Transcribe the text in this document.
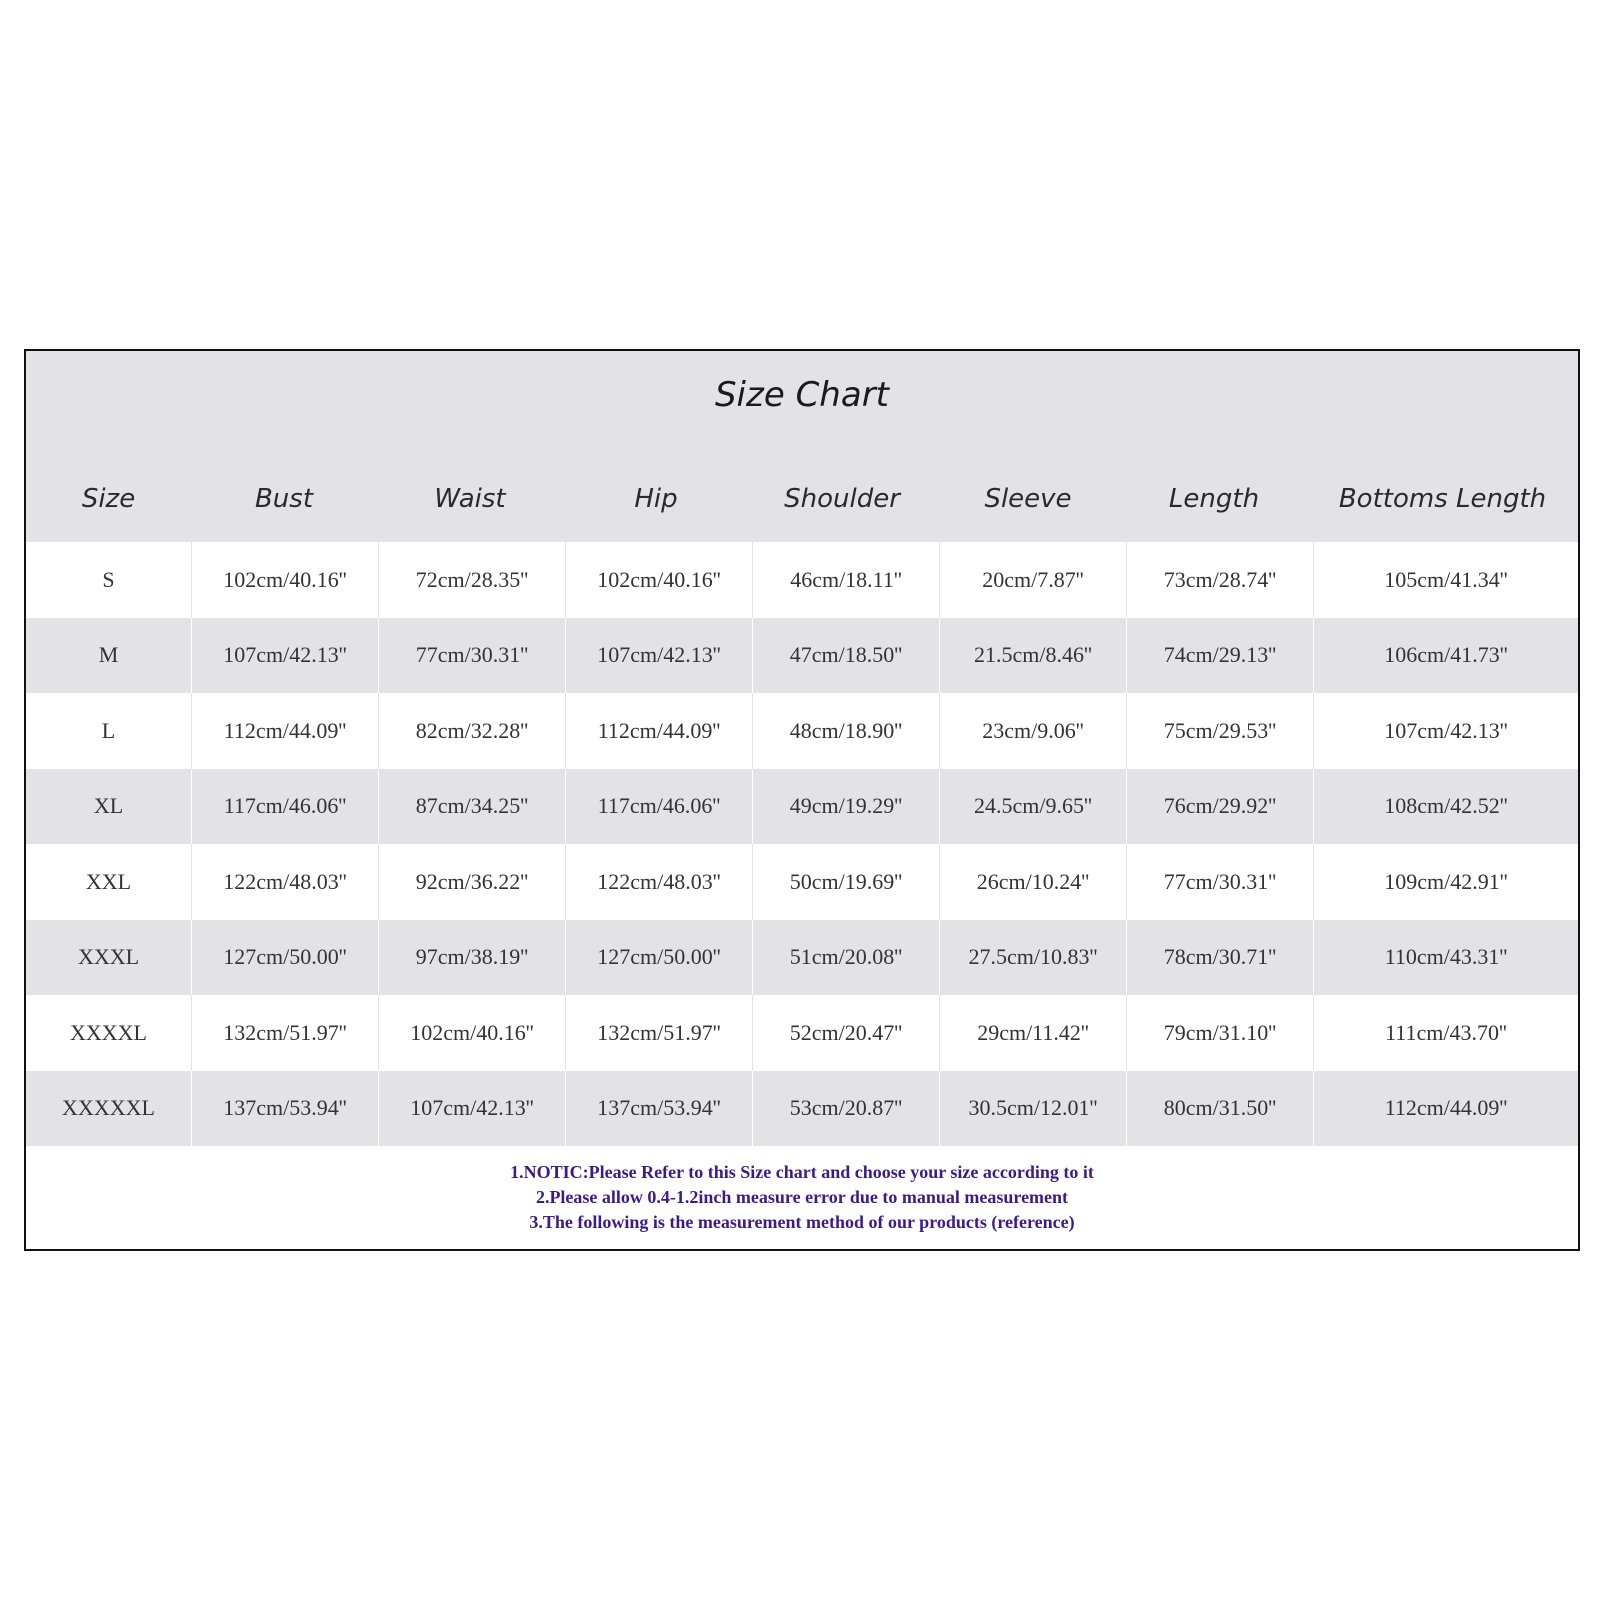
Size Chart
Size	Bust	Waist	Hip	Shoulder	Sleeve	Length	Bottoms Length
S	102cm/40.16''	72cm/28.35''	102cm/40.16''	46cm/18.11''	20cm/7.87''	73cm/28.74''	105cm/41.34''
M	107cm/42.13''	77cm/30.31''	107cm/42.13''	47cm/18.50''	21.5cm/8.46''	74cm/29.13''	106cm/41.73''
L	112cm/44.09''	82cm/32.28''	112cm/44.09''	48cm/18.90''	23cm/9.06''	75cm/29.53''	107cm/42.13''
XL	117cm/46.06''	87cm/34.25''	117cm/46.06''	49cm/19.29''	24.5cm/9.65''	76cm/29.92''	108cm/42.52''
XXL	122cm/48.03''	92cm/36.22''	122cm/48.03''	50cm/19.69''	26cm/10.24''	77cm/30.31''	109cm/42.91''
XXXL	127cm/50.00''	97cm/38.19''	127cm/50.00''	51cm/20.08''	27.5cm/10.83''	78cm/30.71''	110cm/43.31''
XXXXL	132cm/51.97''	102cm/40.16''	132cm/51.97''	52cm/20.47''	29cm/11.42''	79cm/31.10''	111cm/43.70''
XXXXXL	137cm/53.94''	107cm/42.13''	137cm/53.94''	53cm/20.87''	30.5cm/12.01''	80cm/31.50''	112cm/44.09''
1.NOTIC:Please Refer to this Size chart and choose your size according to it
2.Please allow 0.4-1.2inch measure error due to manual measurement
3.The following is the measurement method of our products (reference)
